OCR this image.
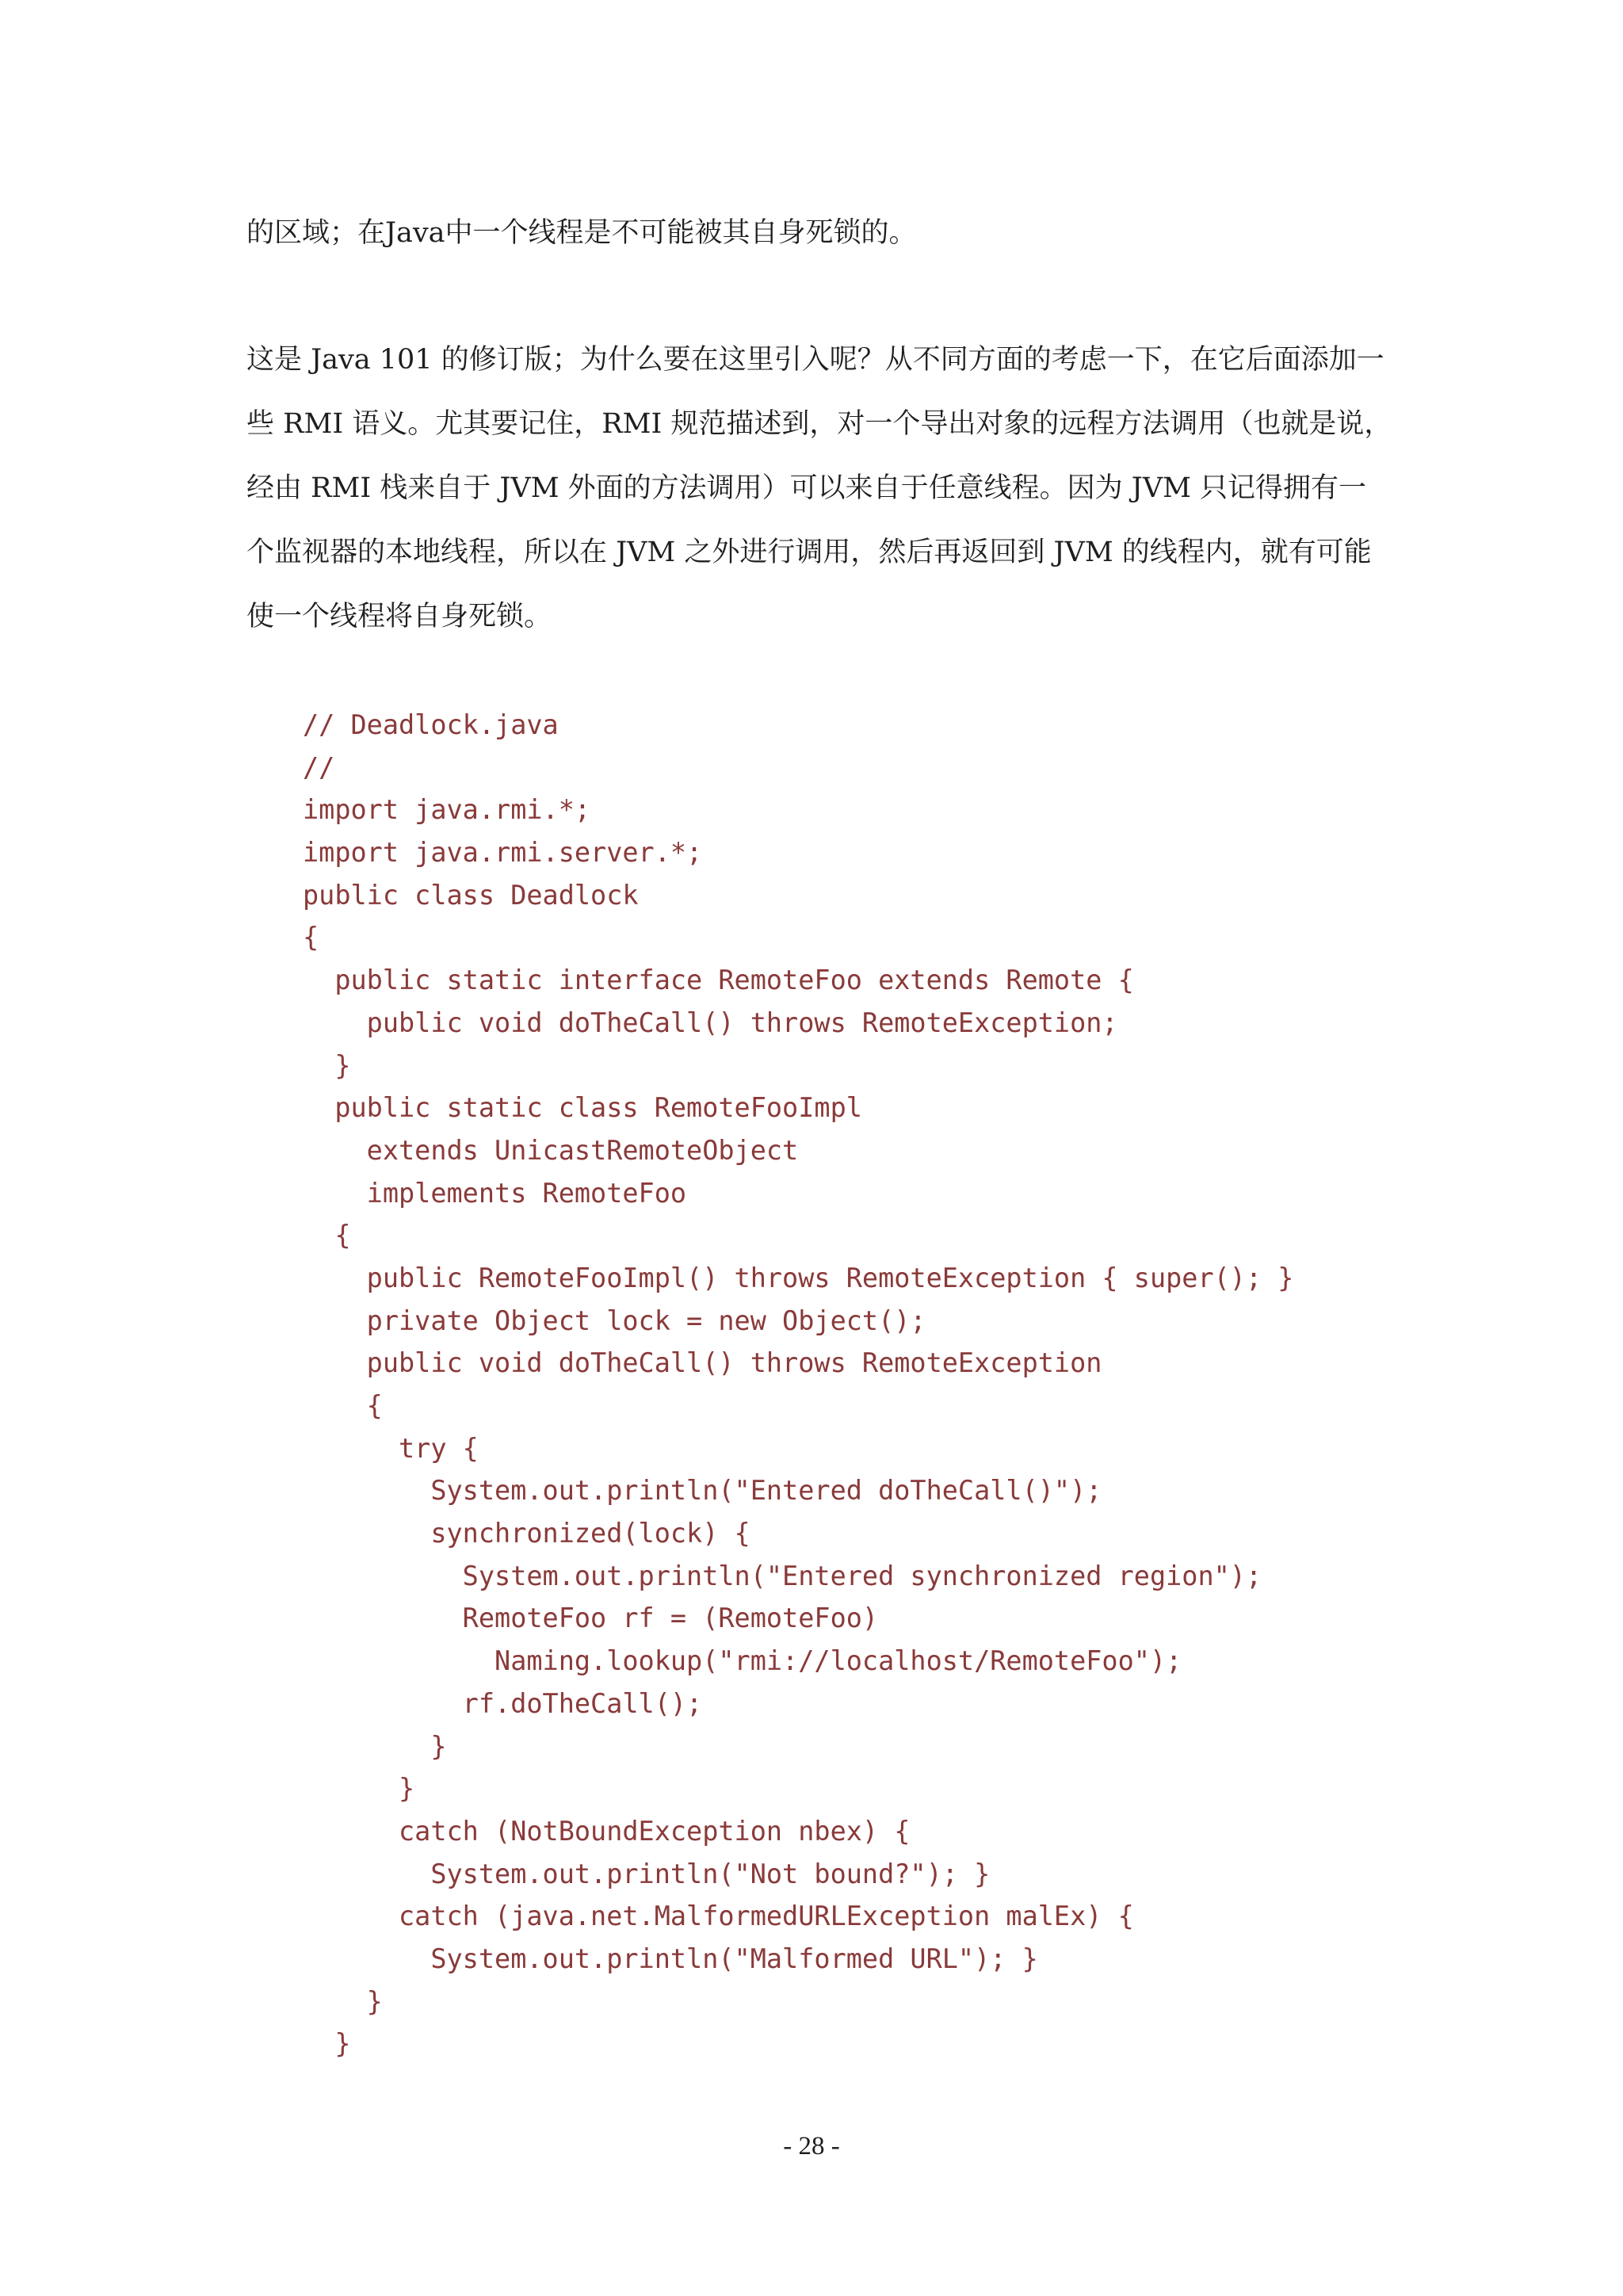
的区域；在Java中一个线程是不可能被其自身死锁的。
这是 Java 101 的修订版；为什么要在这里引入呢？从不同方面的考虑一下，在它后面添加一
些 RMI 语义。尤其要记住，RMI 规范描述到，对一个导出对象的远程方法调用（也就是说，
经由 RMI 栈来自于 JVM 外面的方法调用）可以来自于任意线程。因为 JVM 只记得拥有一
个监视器的本地线程，所以在 JVM 之外进行调用，然后再返回到 JVM 的线程内，就有可能
使一个线程将自身死锁。
// Deadlock.java
//
import java.rmi.*;
import java.rmi.server.*;
public class Deadlock
{
public static interface RemoteFoo extends Remote {
public void doTheCall() throws RemoteException;
}
public static class RemoteFooImpl
extends UnicastRemoteObject
implements RemoteFoo
{
public RemoteFooImpl() throws RemoteException { super(); }
private Object lock = new Object();
public void doTheCall() throws RemoteException
{
try {
System.out.println("Entered doTheCall()");
synchronized(lock) {
System.out.println("Entered synchronized region");
RemoteFoo rf = (RemoteFoo)
Naming.lookup("rmi://localhost/RemoteFoo");
rf.doTheCall();
}
}
catch (NotBoundException nbex) {
System.out.println("Not bound?"); }
catch (java.net.MalformedURLException malEx) {
System.out.println("Malformed URL"); }
}
}
- 28 -
